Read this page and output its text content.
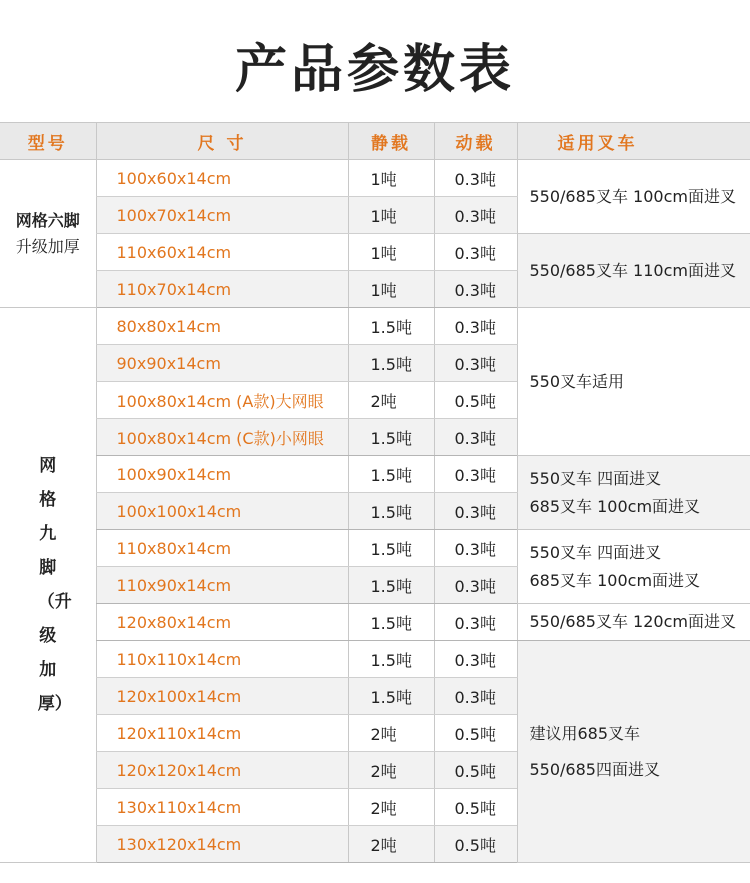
产品参数表
型号	尺 寸	静载	动载	适用叉车

网格六脚
升级加厚	100x60x14cm	1吨	0.3吨	550/685叉车 100cm面进叉
	100x70x14cm	1吨	0.3吨	
	110x60x14cm	1吨	0.3吨	550/685叉车 110cm面进叉
	110x70x14cm	1吨	0.3吨	

网格九脚（升级加厚）	80x80x14cm	1.5吨	0.3吨	550叉车适用
	90x90x14cm	1.5吨	0.3吨	
	100x80x14cm (A款)大网眼	2吨	0.5吨	
	100x80x14cm (C款)小网眼	1.5吨	0.3吨	
	100x90x14cm	1.5吨	0.3吨	550叉车 四面进叉
685叉车 100cm面进叉
	100x100x14cm	1.5吨	0.3吨	
	110x80x14cm	1.5吨	0.3吨	550叉车 四面进叉
685叉车 100cm面进叉
	110x90x14cm	1.5吨	0.3吨	
	120x80x14cm	1.5吨	0.3吨	550/685叉车 120cm面进叉
	110x110x14cm	1.5吨	0.3吨	建议用685叉车
550/685四面进叉
	120x100x14cm	1.5吨	0.3吨	
	120x110x14cm	2吨	0.5吨	
	120x120x14cm	2吨	0.5吨	
	130x110x14cm	2吨	0.5吨	
	130x120x14cm	2吨	0.5吨	
